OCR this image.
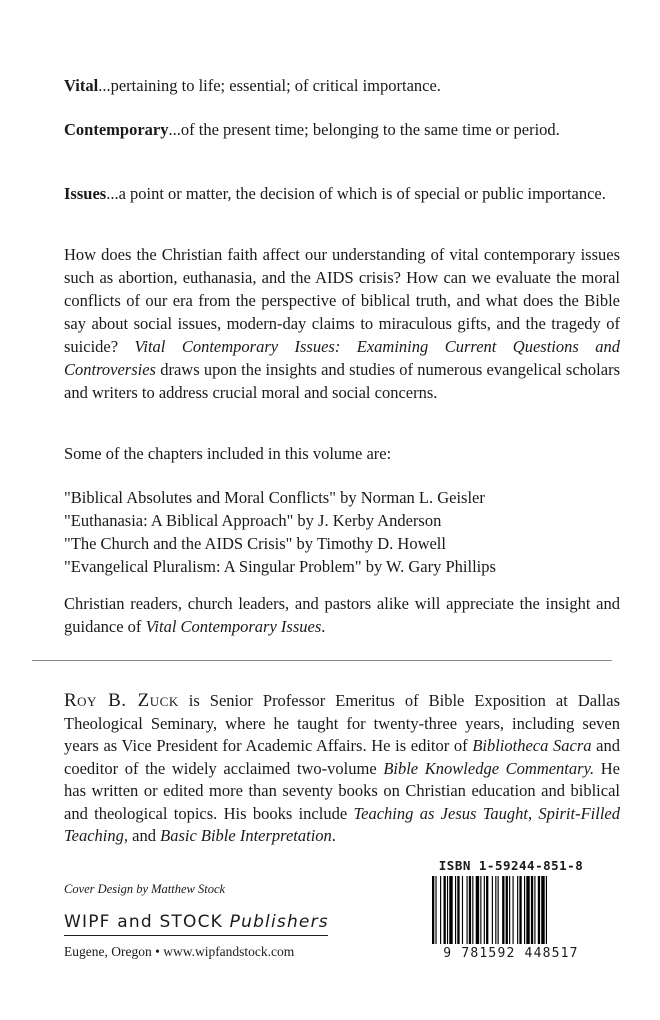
Vital...pertaining to life; essential; of critical importance.

Contemporary...of the present time; belonging to the same time or period.

Issues...a point or matter, the decision of which is of special or public importance.

How does the Christian faith affect our understanding of vital contemporary issues such as abortion, euthanasia, and the AIDS crisis? How can we evaluate the moral conflicts of our era from the perspective of biblical truth, and what does the Bible say about social issues, modern-day claims to miraculous gifts, and the tragedy of suicide? Vital Contemporary Issues: Examining Current Questions and Controversies draws upon the insights and studies of numerous evangelical scholars and writers to address crucial moral and social concerns.

Some of the chapters included in this volume are:

"Biblical Absolutes and Moral Conflicts" by Norman L. Geisler
"Euthanasia: A Biblical Approach" by J. Kerby Anderson
"The Church and the AIDS Crisis" by Timothy D. Howell
"Evangelical Pluralism: A Singular Problem" by W. Gary Phillips

Christian readers, church leaders, and pastors alike will appreciate the insight and guidance of Vital Contemporary Issues.

Roy B. Zuck is Senior Professor Emeritus of Bible Exposition at Dallas Theological Seminary, where he taught for twenty-three years, including seven years as Vice President for Academic Affairs. He is editor of Bibliotheca Sacra and coeditor of the widely acclaimed two-volume Bible Knowledge Commentary. He has written or edited more than seventy books on Christian education and biblical and theological topics. His books include Teaching as Jesus Taught, Spirit-Filled Teaching, and Basic Bible Interpretation.

Cover Design by Matthew Stock
WIPF and STOCK Publishers
Eugene, Oregon • www.wipfandstock.com
ISBN 1-59244-851-8
9 781592 448517
